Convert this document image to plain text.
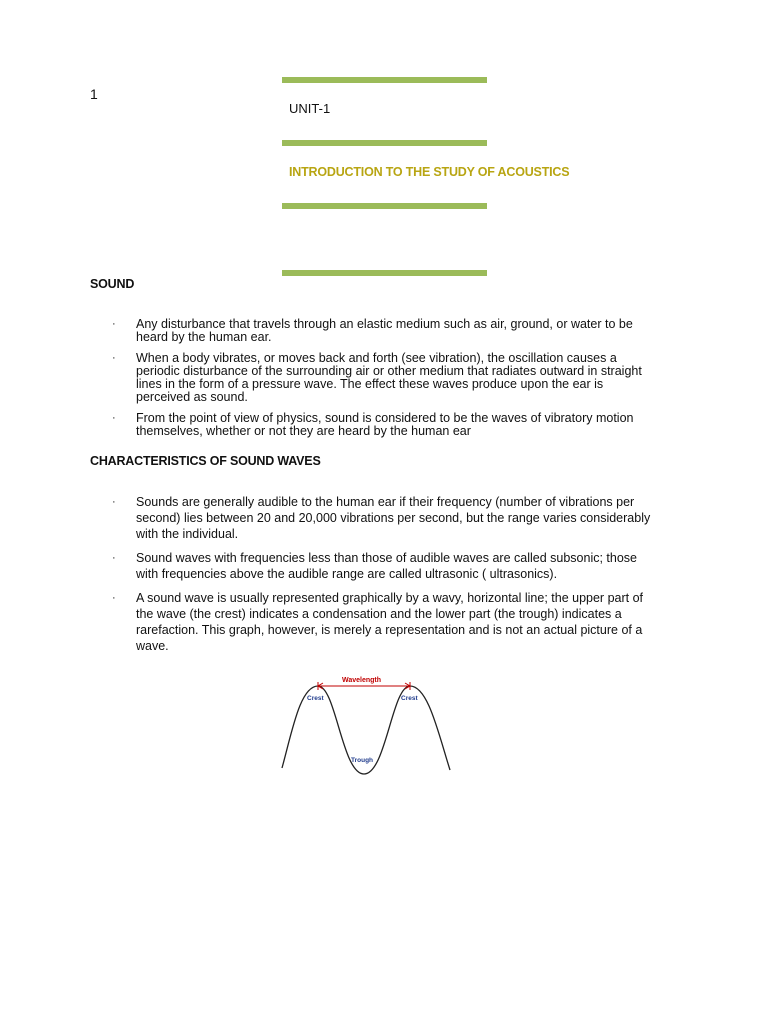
1
UNIT-1
INTRODUCTION TO THE STUDY OF ACOUSTICS
SOUND
· Any disturbance that travels through an elastic medium such as air, ground, or water to be heard by the human ear.
· When a body vibrates, or moves back and forth (see vibration), the oscillation causes a periodic disturbance of the surrounding air or other medium that radiates outward in straight lines in the form of a pressure wave. The effect these waves produce upon the ear is perceived as sound.
· From the point of view of physics, sound is considered to be the waves of vibratory motion themselves, whether or not they are heard by the human ear
CHARACTERISTICS OF SOUND WAVES
· Sounds are generally audible to the human ear if their frequency (number of vibrations per second) lies between 20 and 20,000 vibrations per second, but the range varies considerably with the individual.
· Sound waves with frequencies less than those of audible waves are called subsonic; those with frequencies above the audible range are called ultrasonic ( ultrasonics).
· A sound wave is usually represented graphically by a wavy, horizontal line; the upper part of the wave (the crest) indicates a condensation and the lower part (the trough) indicates a rarefaction. This graph, however, is merely a representation and is not an actual picture of a wave.
Wavelength
Crest	Crest
Trough
